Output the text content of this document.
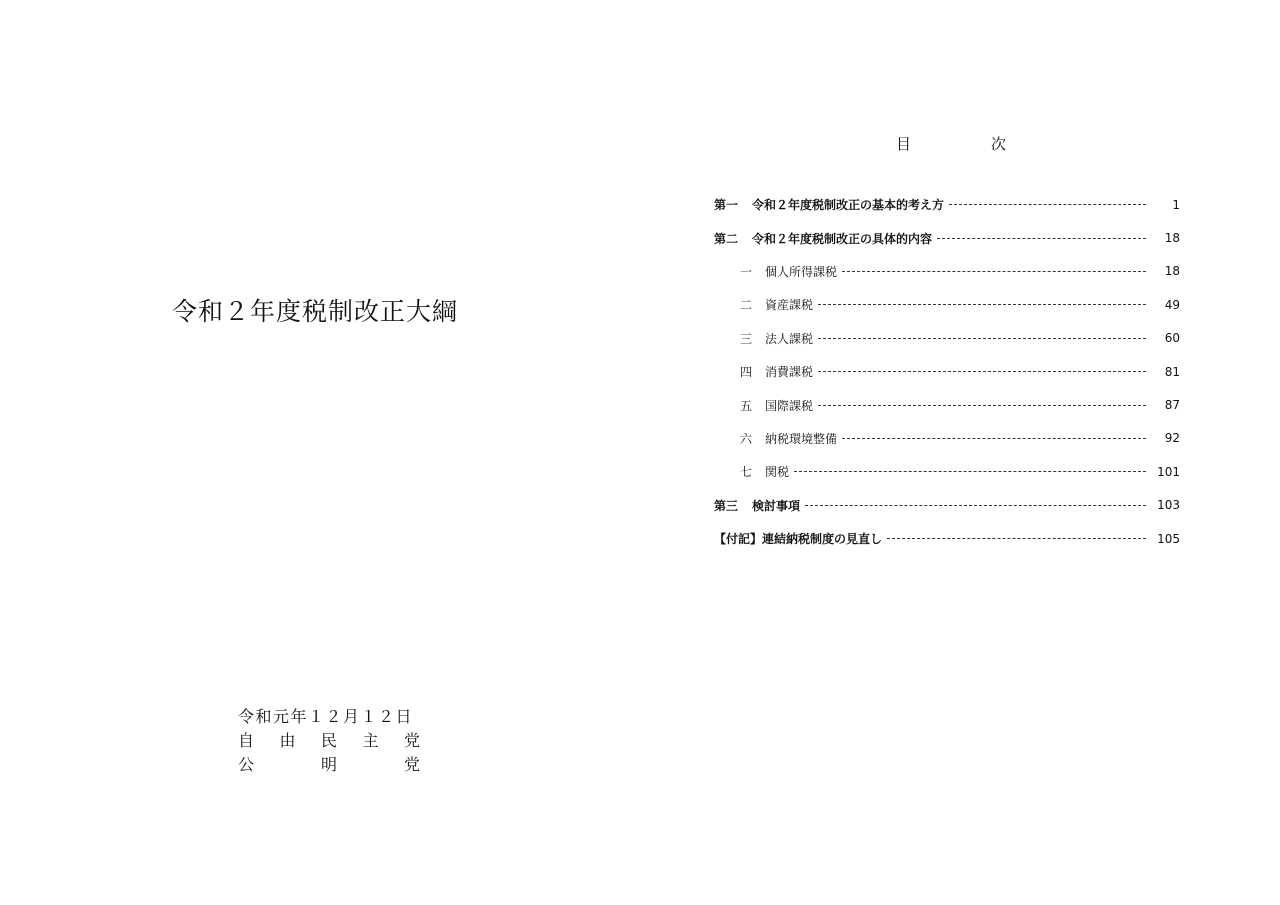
令和２年度税制改正大綱
令和元年１２月１２日
自 由 民 主 党
公	明	党
目	次
第一	令和２年度税制改正の基本的考え方	1
第二	令和２年度税制改正の具体的内容	18
一	個人所得課税	18
二	資産課税	49
三	法人課税	60
四	消費課税	81
五	国際課税	87
六	納税環境整備	92
七	関税	101
第三	検討事項	103
【付記】 連結納税制度の見直し	105
